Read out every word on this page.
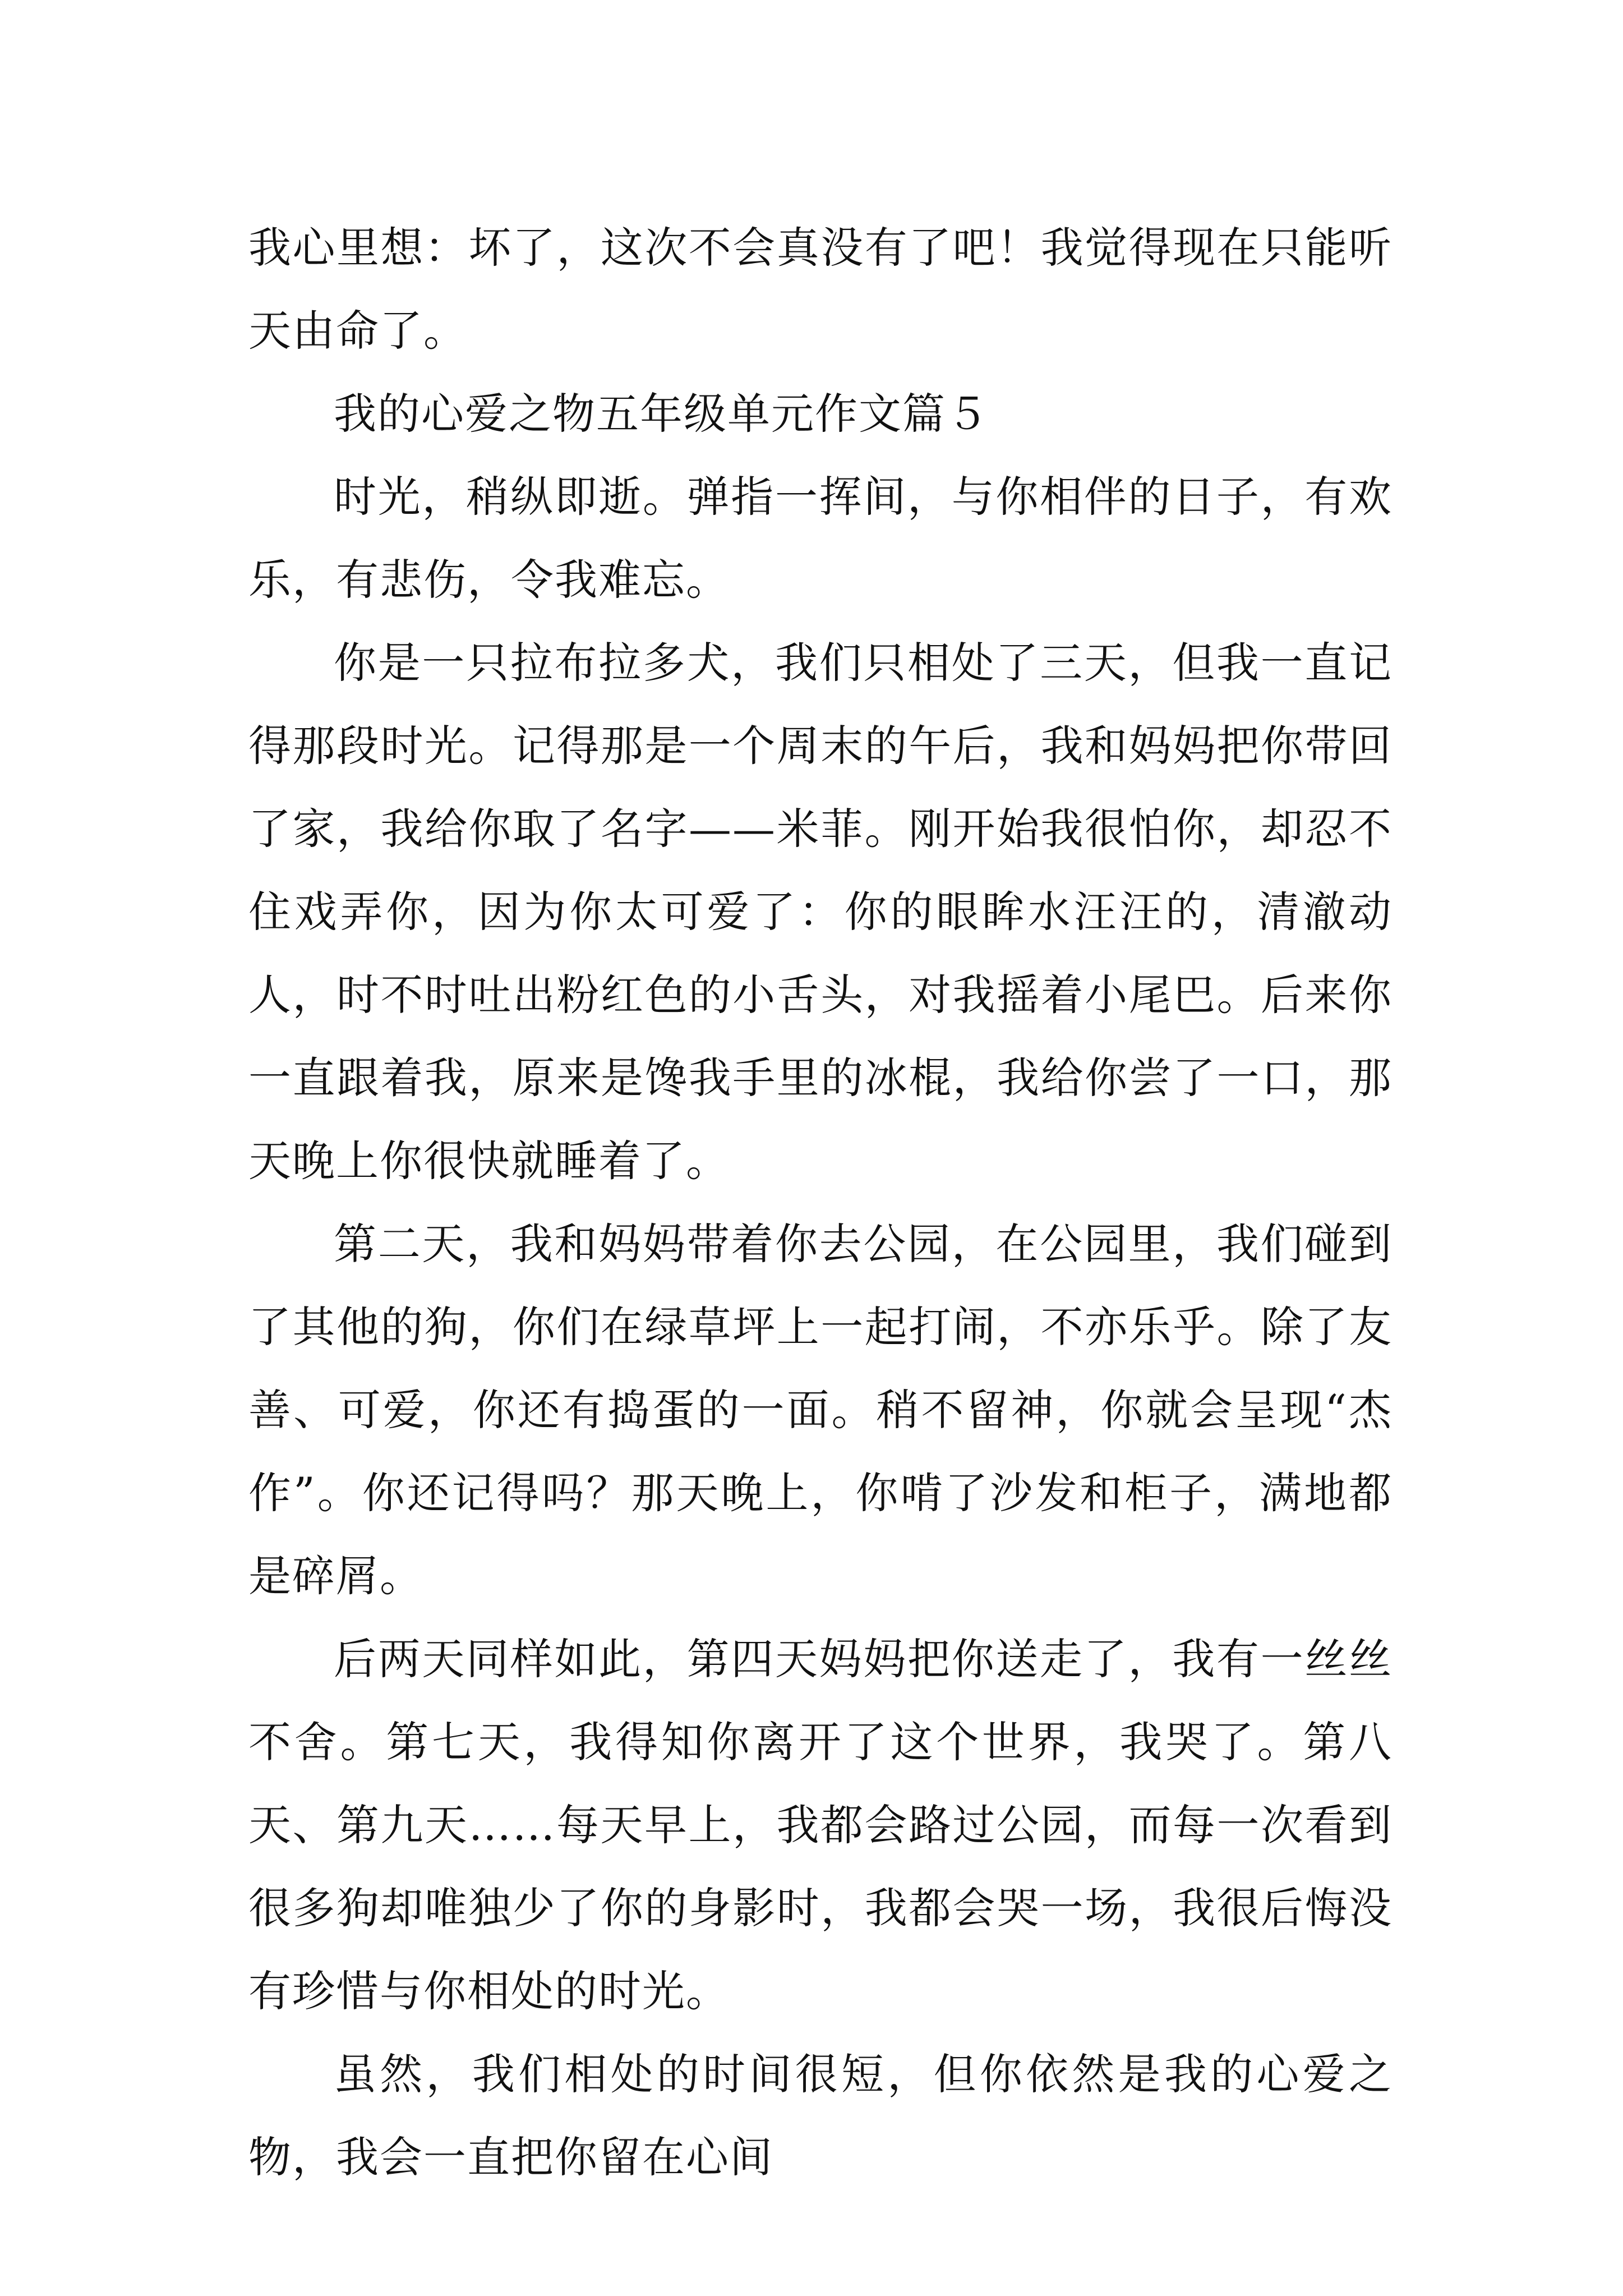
我心里想：坏了，这次不会真没有了吧！我觉得现在只能听天由命了。

我的心爱之物五年级单元作文篇５

时光，稍纵即逝。弹指一挥间，与你相伴的日子，有欢乐，有悲伤，令我难忘。

你是一只拉布拉多犬，我们只相处了三天，但我一直记得那段时光。记得那是一个周末的午后，我和妈妈把你带回了家，我给你取了名字——米菲。刚开始我很怕你，却忍不住戏弄你，因为你太可爱了：你的眼眸水汪汪的，清澈动人，时不时吐出粉红色的小舌头，对我摇着小尾巴。后来你一直跟着我，原来是馋我手里的冰棍，我给你尝了一口，那天晚上你很快就睡着了。

第二天，我和妈妈带着你去公园，在公园里，我们碰到了其他的狗，你们在绿草坪上一起打闹，不亦乐乎。除了友善、可爱，你还有捣蛋的一面。稍不留神，你就会呈现“杰作”。你还记得吗？那天晚上，你啃了沙发和柜子，满地都是碎屑。

后两天同样如此，第四天妈妈把你送走了，我有一丝丝不舍。第七天，我得知你离开了这个世界，我哭了。第八天、第九天……每天早上，我都会路过公园，而每一次看到很多狗却唯独少了你的身影时，我都会哭一场，我很后悔没有珍惜与你相处的时光。

虽然，我们相处的时间很短，但你依然是我的心爱之物，我会一直把你留在心间
